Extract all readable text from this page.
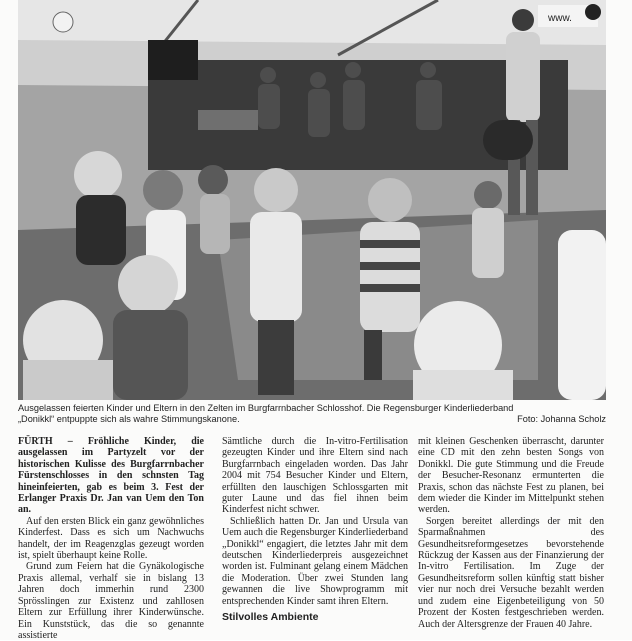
www.
Ausgelassen feierten Kinder und Eltern in den Zelten im Burgfarrnbacher Schlosshof. Die Regensburger Kinderliederband
„Donikkl“ entpuppte sich als wahre Stimmungskanone.	Foto: Johanna Scholz

FÜRTH – Fröhliche Kinder, die ausgelassen im Partyzelt vor der historischen Kulisse des Burgfarrnbacher Fürstenschlosses in den schnsten Tag hineinfeierten, gab es beim 3. Fest der Erlanger Praxis Dr. Jan van Uem den Ton an.

Auf den ersten Blick ein ganz gewöhnliches Kinderfest. Dass es sich um Nachwuchs handelt, der im Reagenzglas gezeugt worden ist, spielt überhaupt keine Rolle.

Grund zum Feiern hat die Gynäkologische Praxis allemal, verhalf sie in bislang 13 Jahren doch immerhin rund 2300 Sprösslingen zur Existenz und zahllosen Eltern zur Erfüllung ihrer Kinderwünsche. Ein Kunststück, das die so genannte assistierte

Sämtliche durch die In-vitro-Fertilisation gezeugten Kinder und ihre Eltern sind nach Burgfarrnbach eingeladen worden. Das Jahr 2004 mit 754 Besucher Kinder und Eltern, erfüllten den lauschigen Schlossgarten mit guter Laune und das fiel ihnen beim Kinderfest nicht schwer.

Schließlich hatten Dr. Jan und Ursula van Uem auch die Regensburger Kinderliederband „Donikkl“ engagiert, die letztes Jahr mit dem deutschen Kinderliederpreis ausgezeichnet worden ist. Fulminant gelang einem Mädchen die Moderation. Über zwei Stunden lang gewannen die live Showprogramm mit entsprechenden Kinder samt ihren Eltern.

Stilvolles Ambiente

mit kleinen Geschenken überrascht, darunter eine CD mit den zehn besten Songs von Donikkl. Die gute Stimmung und die Freude der Besucher-Resonanz ermunterten die Praxis, schon das nächste Fest zu planen, bei dem wieder die Kinder im Mittelpunkt stehen werden.

Sorgen bereitet allerdings der mit den Sparmaßnahmen des Gesundheitsreformgesetzes bevorstehende Rückzug der Kassen aus der Finanzierung der In-vitro Fertilisation. Im Zuge der Gesundheitsreform sollen künftig statt bisher vier nur noch drei Versuche bezahlt werden und zudem eine Eigenbeteiligung von 50 Prozent der Kosten festgeschrieben werden. Auch der Altersgrenze der Frauen 40 Jahre.
